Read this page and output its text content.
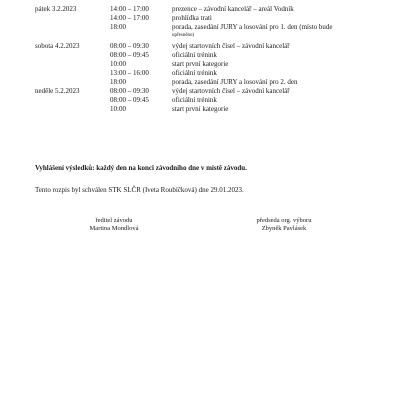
pátek 3.2.2023	14:00 – 17:00	prezence – závodní kancelář – areál Vodník
14:00 – 17:00	prohlídka trati
18:00	porada, zasedání JURY a losování pro 1. den (místo bude
upřesněno)
sobota 4.2.2023	08:00 – 09:30	výdej startovních čísel – závodní kancelář
08:00 – 09:45	oficiální trénink
10:00	start první kategorie
13:00 – 16:00	oficiální trénink
18:00	porada, zasedání JURY a losování pro 2. den
neděle 5.2.2023	08:00 – 09:30	výdej startovních čísel – závodní kancelář
08:00 – 09:45	oficiální trénink
10:00	start první kategorie
Vyhlášení výsledků: každý den na konci závodního dne v místě závodu.
Tento rozpis byl schválen STK SLČR (Iveta Roubíčková) dne 29.01.2023.
ředitel závodu
Martina Mondlová
předseda org. výboru
Zbyněk Pavlásek
